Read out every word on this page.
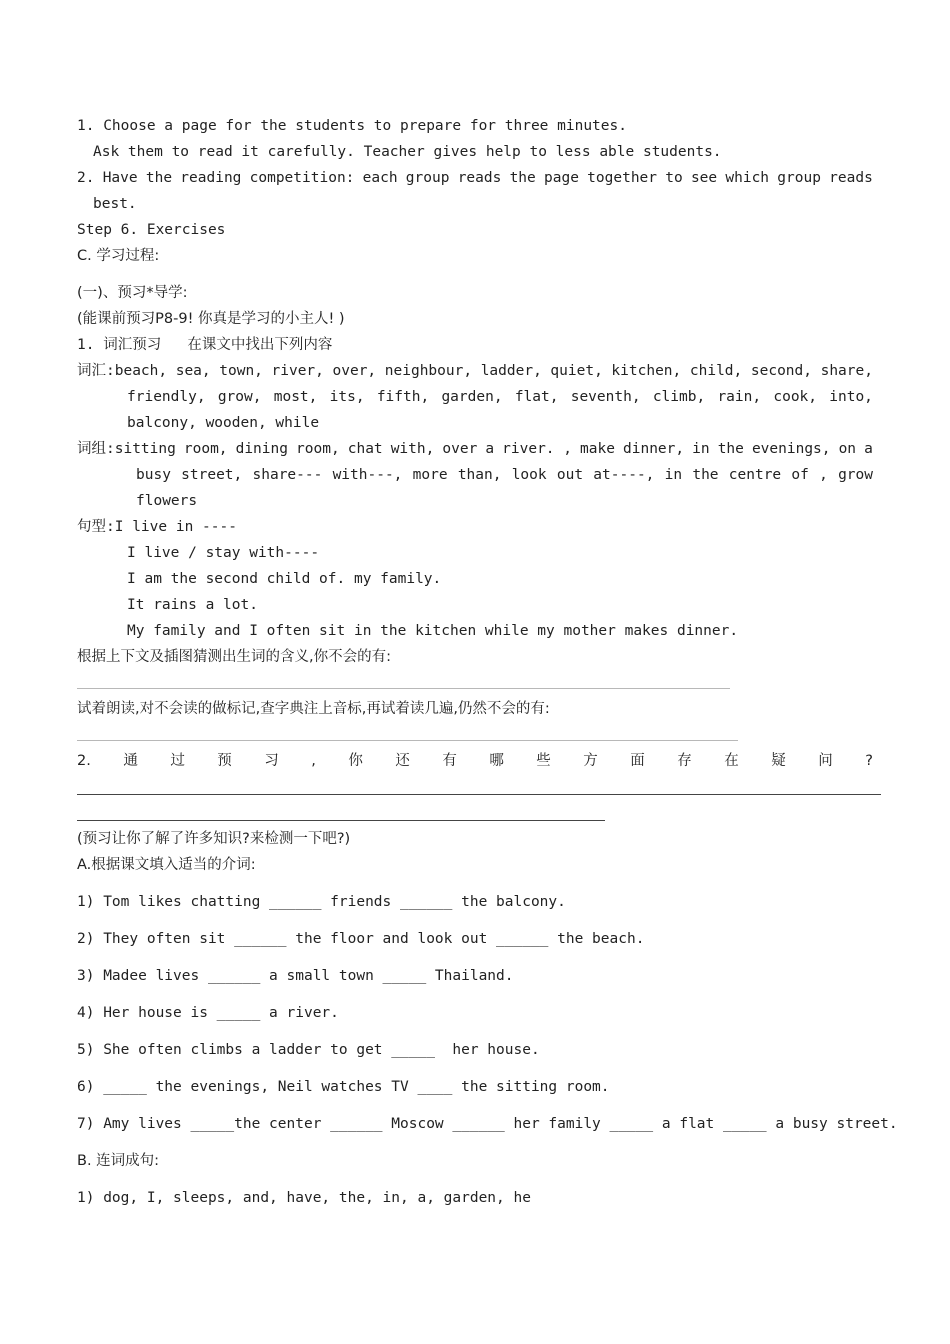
1. Choose a page for the students to prepare for three minutes.
Ask them to read it carefully. Teacher gives help to less able students.
2. Have the reading competition: each group reads the page together to see which group reads
best.
Step 6. Exercises
C. 学习过程:
(一)、预习*导学:
(能课前预习P8-9! 你真是学习的小主人! )
1. 词汇预习   在课文中找出下列内容
词汇:beach, sea, town, river, over, neighbour, ladder, quiet, kitchen, child, second, share,
friendly, grow, most, its, fifth, garden, flat, seventh, climb, rain, cook, into,
balcony, wooden, while
词组:sitting room, dining room, chat with, over a river. , make dinner, in the evenings, on a
busy street, share--- with---, more than, look out at----, in the centre of , grow
flowers
句型:I live in ----
I live / stay with----
I am the second child of. my family.
It rains a lot.
My family and I often sit in the kitchen while my mother makes dinner.
根据上下文及插图猜测出生词的含义,你不会的有:
试着朗读,对不会读的做标记,查字典注上音标,再试着读几遍,仍然不会的有:
2. 通 过 预 习 , 你 还 有 哪 些 方 面 存 在 疑 问 ?
(预习让你了解了许多知识?来检测一下吧?)
A.根据课文填入适当的介词:
1) Tom likes chatting ______ friends ______ the balcony.
2) They often sit ______ the floor and look out ______ the beach.
3) Madee lives ______ a small town _____ Thailand.
4) Her house is _____ a river.
5) She often climbs a ladder to get _____  her house.
6) _____ the evenings, Neil watches TV ____ the sitting room.
7) Amy lives _____the center ______ Moscow ______ her family _____ a flat _____ a busy street.
B. 连词成句:
1) dog, I, sleeps, and, have, the, in, a, garden, he
